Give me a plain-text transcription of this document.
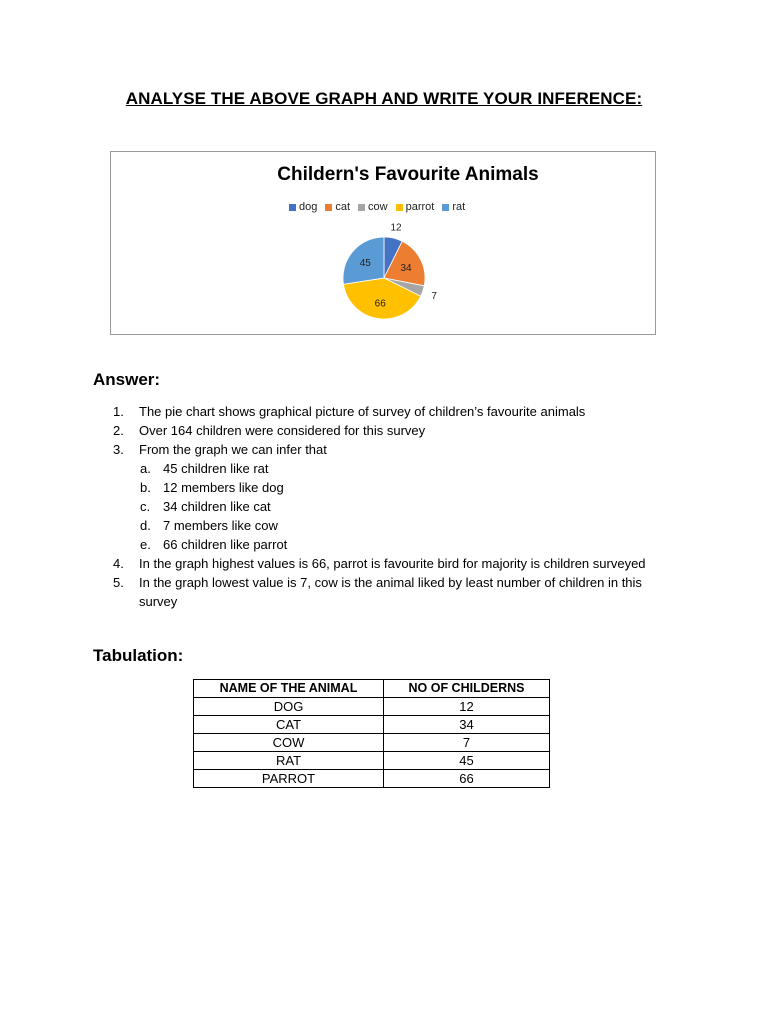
ANALYSE THE ABOVE GRAPH AND WRITE YOUR INFERENCE:
Childern's Favourite Animals
dog cat cow parrot rat
12
34
7
66
45
Answer:
1.	The pie chart shows graphical picture of survey of children’s favourite animals
2.	Over 164 children were considered for this survey
3.	From the graph we can infer that
a. 45 children like rat
b. 12 members like dog
c. 34 children like cat
d. 7 members like cow
e. 66 children like parrot
4.	In the graph highest values is 66, parrot is favourite bird for majority is children surveyed
5.	In the graph lowest value is 7, cow is the animal liked by least number of children in this survey
Tabulation:
NAME OF THE ANIMAL	NO OF CHILDERNS
DOG	12
CAT	34
COW	7
RAT	45
PARROT	66
